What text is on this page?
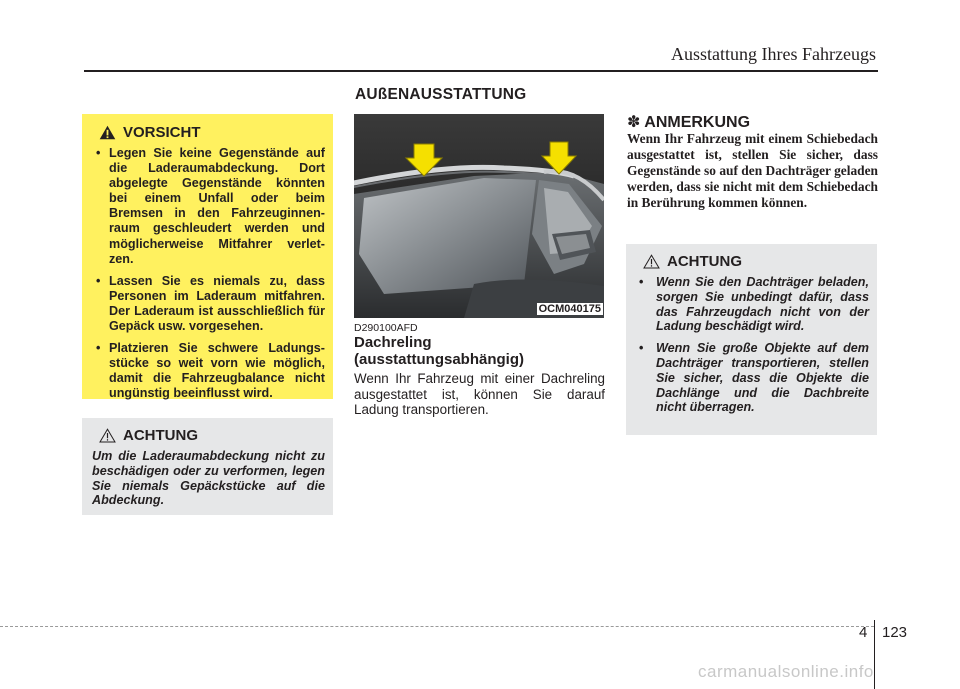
Ausstattung Ihres Fahrzeugs
AUßENAUSSTATTUNG
VORSICHT
• Legen Sie keine Gegenstände auf die Laderaumabdeckung. Dort abgelegte Gegenstände könnten bei einem Unfall oder beim Bremsen in den Fahrzeuginnen-raum geschleudert werden und möglicherweise Mitfahrer verlet-zen.
• Lassen Sie es niemals zu, dass Personen im Laderaum mitfahren. Der Laderaum ist ausschließlich für Gepäck usw. vorgesehen.
• Platzieren Sie schwere Ladungs-stücke so weit vorn wie möglich, damit die Fahrzeugbalance nicht ungünstig beeinflusst wird.
ACHTUNG
Um die Laderaumabdeckung nicht zu beschädigen oder zu verformen, legen Sie niemals Gepäckstücke auf die Abdeckung.
OCM040175
D290100AFD
Dachreling (ausstattungsabhängig)
Wenn Ihr Fahrzeug mit einer Dachreling ausgestattet ist, können Sie darauf Ladung transportieren.
✽ ANMERKUNG
Wenn Ihr Fahrzeug mit einem Schiebedach ausgestattet ist, stellen Sie sicher, dass Gegenstände so auf den Dachträger geladen werden, dass sie nicht mit dem Schiebedach in Berührung kommen können.
ACHTUNG
• Wenn Sie den Dachträger beladen, sorgen Sie unbedingt dafür, dass das Fahrzeugdach nicht von der Ladung beschädigt wird.
• Wenn Sie große Objekte auf dem Dachträger transportieren, stellen Sie sicher, dass die Objekte die Dachlänge und die Dachbreite nicht überragen.
4 123
carmanualsonline.info
